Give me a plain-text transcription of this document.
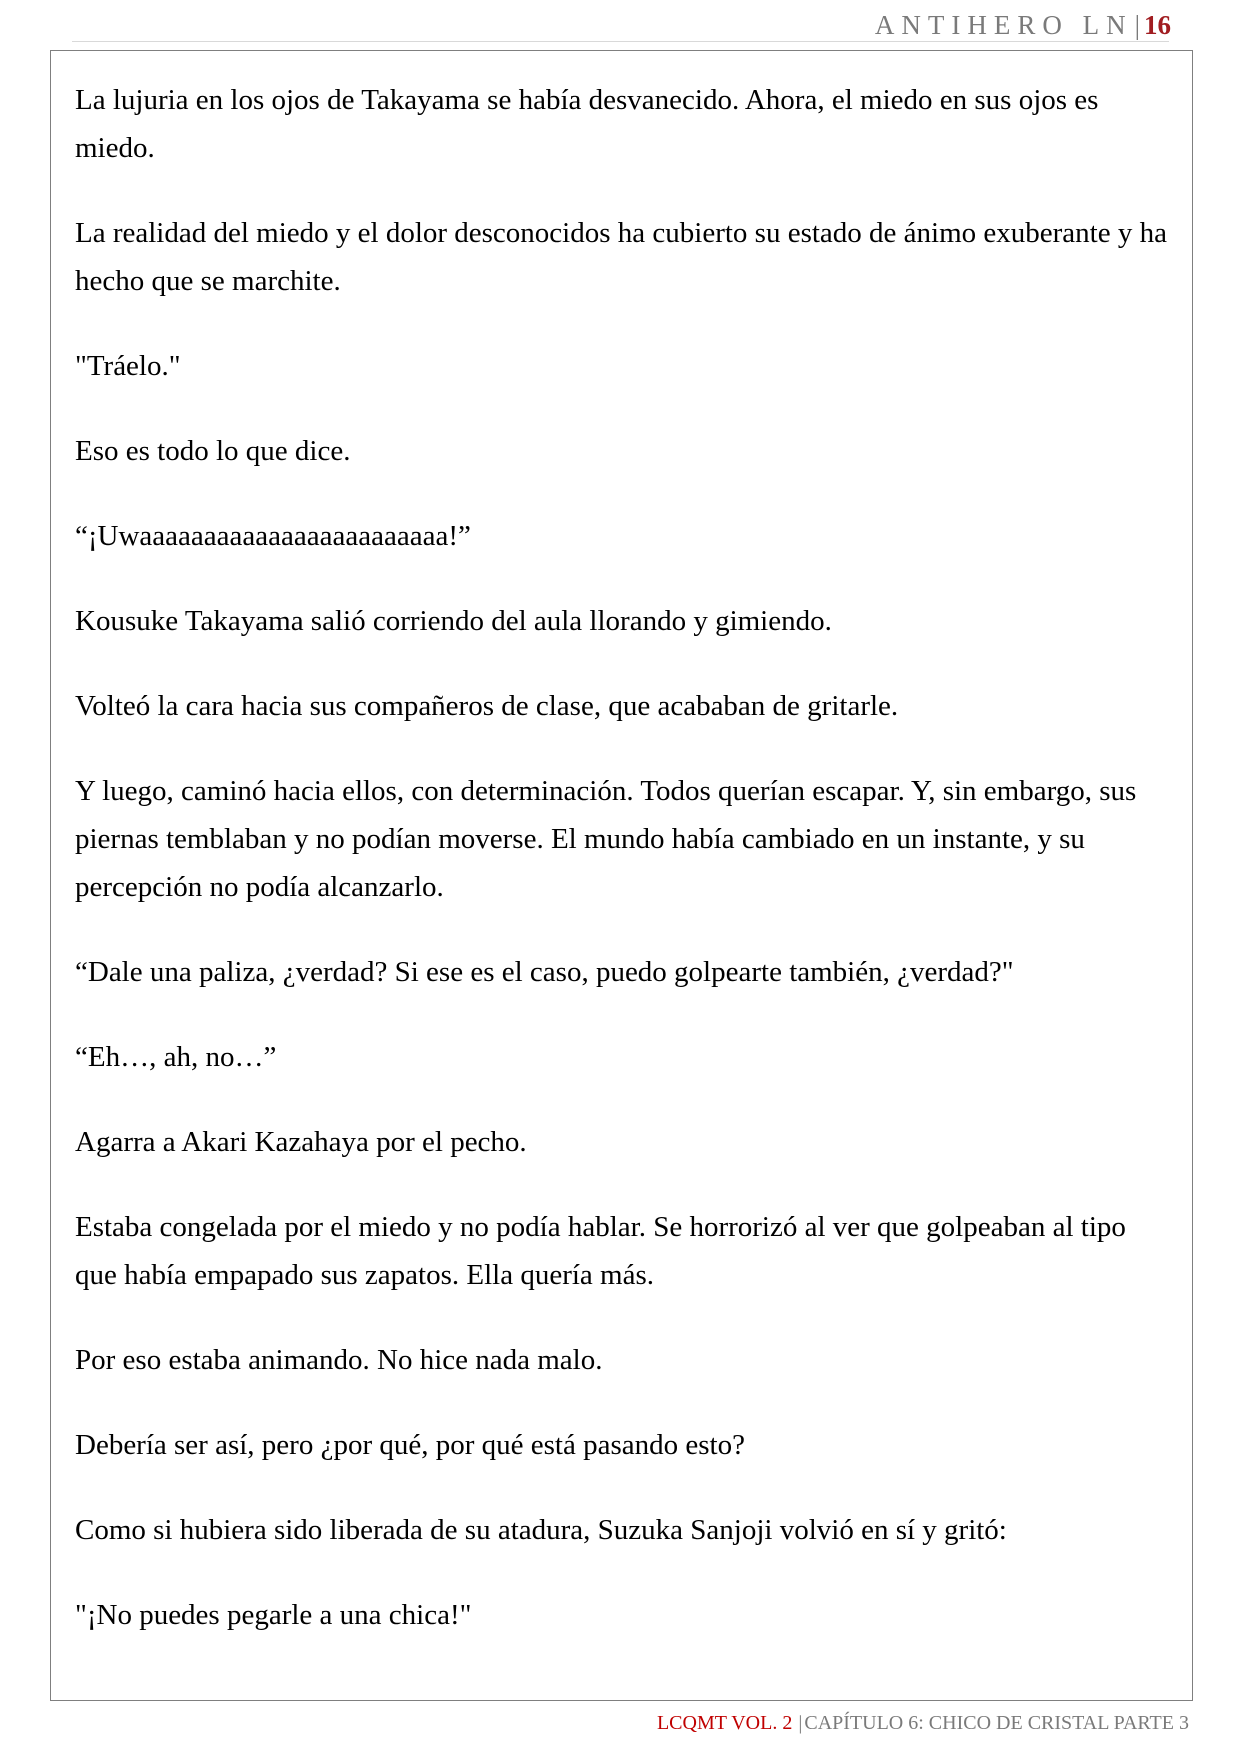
ANTIHERO LN| 16

La lujuria en los ojos de Takayama se había desvanecido. Ahora, el miedo en sus ojos es miedo.

La realidad del miedo y el dolor desconocidos ha cubierto su estado de ánimo exuberante y ha hecho que se marchite.

"Tráelo."

Eso es todo lo que dice.

“¡Uwaaaaaaaaaaaaaaaaaaaaaaaa!”

Kousuke Takayama salió corriendo del aula llorando y gimiendo.

Volteó la cara hacia sus compañeros de clase, que acababan de gritarle.

Y luego, caminó hacia ellos, con determinación. Todos querían escapar. Y, sin embargo, sus piernas temblaban y no podían moverse. El mundo había cambiado en un instante, y su percepción no podía alcanzarlo.

“Dale una paliza, ¿verdad? Si ese es el caso, puedo golpearte también, ¿verdad?"

“Eh…, ah, no…”

Agarra a Akari Kazahaya por el pecho.

Estaba congelada por el miedo y no podía hablar. Se horrorizó al ver que golpeaban al tipo que había empapado sus zapatos. Ella quería más.

Por eso estaba animando. No hice nada malo.

Debería ser así, pero ¿por qué, por qué está pasando esto?

Como si hubiera sido liberada de su atadura, Suzuka Sanjoji volvió en sí y gritó:

"¡No puedes pegarle a una chica!"

LCQMT VOL. 2 | CAPÍTULO 6: CHICO DE CRISTAL PARTE 3
